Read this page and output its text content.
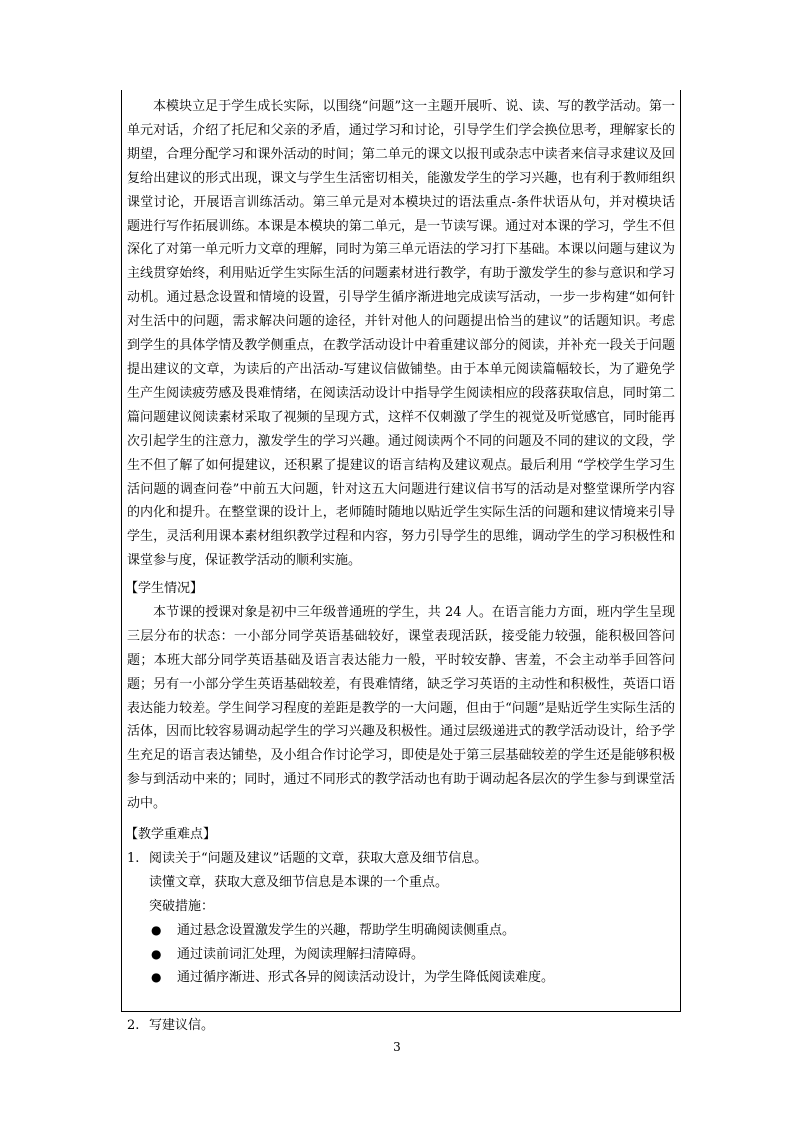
本模块立足于学生成长实际，以围绕“问题”这一主题开展听、说、读、写的教学活动。第一单元对话，介绍了托尼和父亲的矛盾，通过学习和讨论，引导学生们学会换位思考，理解家长的期望，合理分配学习和课外活动的时间；第二单元的课文以报刊或杂志中读者来信寻求建议及回复给出建议的形式出现，课文与学生生活密切相关，能激发学生的学习兴趣，也有利于教师组织课堂讨论，开展语言训练活动。第三单元是对本模块过的语法重点-条件状语从句，并对模块话题进行写作拓展训练。本课是本模块的第二单元，是一节读写课。通过对本课的学习，学生不但深化了对第一单元听力文章的理解，同时为第三单元语法的学习打下基础。本课以问题与建议为主线贯穿始终，利用贴近学生实际生活的问题素材进行教学，有助于激发学生的参与意识和学习动机。通过悬念设置和情境的设置，引导学生循序渐进地完成读写活动，一步一步构建“如何针对生活中的问题，需求解决问题的途径，并针对他人的问题提出恰当的建议”的话题知识。考虑到学生的具体学情及教学侧重点，在教学活动设计中着重建议部分的阅读，并补充一段关于问题提出建议的文章，为读后的产出活动-写建议信做铺垫。由于本单元阅读篇幅较长，为了避免学生产生阅读疲劳感及畏难情绪，在阅读活动设计中指导学生阅读相应的段落获取信息，同时第二篇问题建议阅读素材采取了视频的呈现方式，这样不仅刺激了学生的视觉及听觉感官，同时能再次引起学生的注意力，激发学生的学习兴趣。通过阅读两个不同的问题及不同的建议的文段，学生不但了解了如何提建议，还积累了提建议的语言结构及建议观点。最后利用 “学校学生学习生活问题的调查问卷”中前五大问题，针对这五大问题进行建议信书写的活动是对整堂课所学内容的内化和提升。在整堂课的设计上，老师随时随地以贴近学生实际生活的问题和建议情境来引导学生，灵活利用课本素材组织教学过程和内容，努力引导学生的思维，调动学生的学习积极性和课堂参与度，保证教学活动的顺利实施。

【学生情况】

本节课的授课对象是初中三年级普通班的学生，共 24 人。在语言能力方面，班内学生呈现三层分布的状态：一小部分同学英语基础较好，课堂表现活跃，接受能力较强，能积极回答问题；本班大部分同学英语基础及语言表达能力一般，平时较安静、害羞，不会主动举手回答问题；另有一小部分学生英语基础较差，有畏难情绪，缺乏学习英语的主动性和积极性，英语口语表达能力较差。学生间学习程度的差距是教学的一大问题，但由于“问题”是贴近学生实际生活的活体，因而比较容易调动起学生的学习兴趣及积极性。通过层级递进式的教学活动设计，给予学生充足的语言表达铺垫，及小组合作讨论学习，即使是处于第三层基础较差的学生还是能够积极参与到活动中来的；同时，通过不同形式的教学活动也有助于调动起各层次的学生参与到课堂活动中。

【教学重难点】

1. 阅读关于“问题及建议”话题的文章，获取大意及细节信息。
读懂文章，获取大意及细节信息是本课的一个重点。
突破措施：
● 通过悬念设置激发学生的兴趣，帮助学生明确阅读侧重点。
● 通过读前词汇处理，为阅读理解扫清障碍。
● 通过循序渐进、形式各异的阅读活动设计，为学生降低阅读难度。
2. 写建议信。
3
